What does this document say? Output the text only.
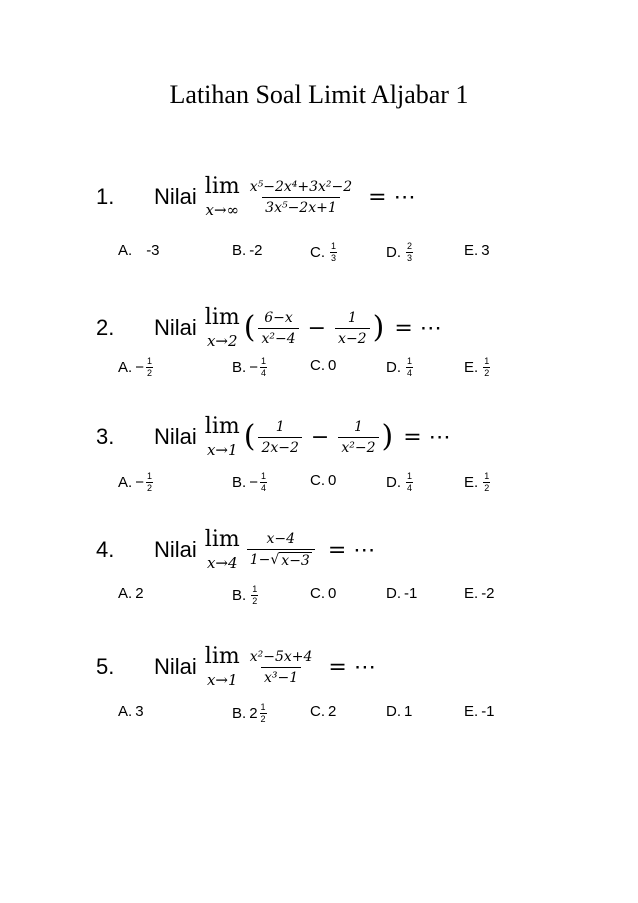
Latihan Soal Limit Aljabar 1
1.	Nilai lim
𝑥→∞ $\frac{\text{𝑥⁵−2𝑥⁴+3𝑥²−2}}{\text{3𝑥⁵−2𝑥+1}}$ = ⋯
A. -3	B. -2	C. $\frac{1}{3}$	D. $\frac{2}{3}$	E. 3
2.	Nilai lim
𝑥→2 ( $\frac{\text{6−𝑥}}{\text{𝑥²−4}} - \frac{1}{\text{𝑥−2}}$ ) = ⋯
A. − $\frac{1}{2}$	B. − $\frac{1}{4}$	C. 0	D. $\frac{1}{4}$	E. $\frac{1}{2}$
3.	Nilai lim
𝑥→1 ( $\frac{1}{\text{2𝑥−2}} - \frac{1}{\text{𝑥²−2}}$ ) = ⋯
A. − $\frac{1}{2}$	B. − $\frac{1}{4}$	C. 0	D. $\frac{1}{4}$	E. $\frac{1}{2}$
4.	Nilai lim
𝑥→4 $\frac{\text{𝑥−4}}{\text{1− √ 𝑥−3}}$ = ⋯
A. 2	B. $\frac{1}{2}$	C. 0	D. -1	E. -2
5.	Nilai lim
𝑥→1 $\frac{\text{𝑥²−5𝑥+4}}{\text{𝑥³−1}}$ = ⋯
A. 3	B. $2 \frac{1}{2}$	C. 2	D. 1	E. -1
